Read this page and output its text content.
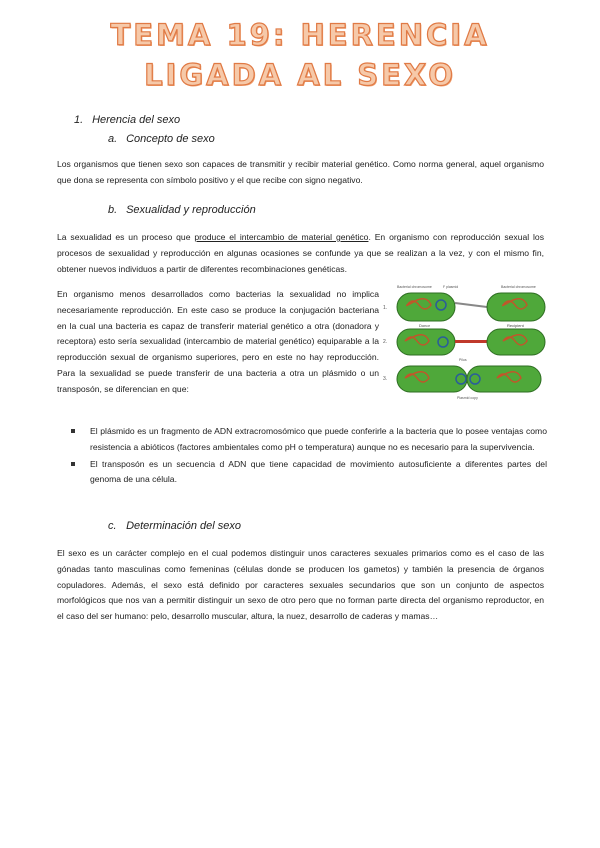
TEMA 19: HERENCIA
LIGADA AL SEXO
1. Herencia del sexo
a. Concepto de sexo

Los organismos que tienen sexo son capaces de transmitir y recibir material genético. Como norma general, aquel organismo que dona se representa con símbolo positivo y el que recibe con signo negativo.

b. Sexualidad y reproducción

La sexualidad es un proceso que produce el intercambio de material genético. En organismo con reproducción sexual los procesos de sexualidad y reproducción en algunas ocasiones se confunde ya que se realizan a la vez, y con el mismo fin, obtener nuevos individuos a partir de diferentes recombinaciones genéticas.

En organismo menos desarrollados como bacterias la sexualidad no implica necesariamente reproducción. En este caso se produce la conjugación bacteriana en la cual una bacteria es capaz de transferir material genético a otra (donadora y receptora) esto sería sexualidad (intercambio de material genético) equiparable a la reproducción sexual de organismo superiores, pero en este no hay reproducción. Para la sexualidad se puede transferir de una bacteria a otra un plásmido o un transposón, se diferencian en que:

1.
2.
3.
Bacterial chromosome	F plasmid	Bacterial chromosome
Donor	Recipient
Pilus
Plasmid copy
El plásmido es un fragmento de ADN extracromosómico que puede conferirle a la bacteria que lo posee ventajas como resistencia a abióticos (factores ambientales como pH o temperatura) aunque no es necesario para la supervivencia.
El transposón es un secuencia d ADN que tiene capacidad de movimiento autosuficiente a diferentes partes del genoma de una célula.
c. Determinación del sexo

El sexo es un carácter complejo en el cual podemos distinguir unos caracteres sexuales primarios como es el caso de las gónadas tanto masculinas como femeninas (células donde se producen los gametos) y también la presencia de órganos copuladores. Además, el sexo está definido por caracteres sexuales secundarios que son un conjunto de aspectos morfológicos que nos van a permitir distinguir un sexo de otro pero que no forman parte directa del organismo reproductor, en el caso del ser humano: pelo, desarrollo muscular, altura, la nuez, desarrollo de caderas y mamas…
